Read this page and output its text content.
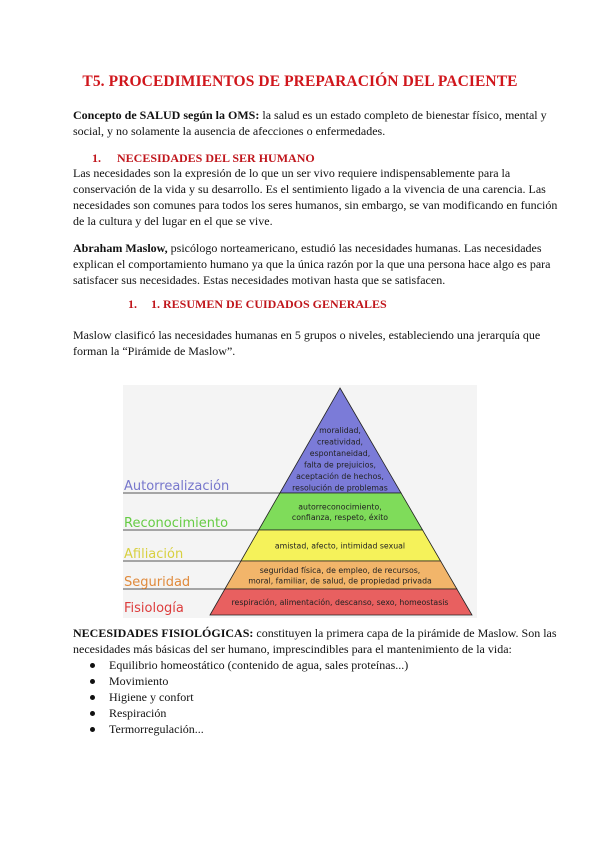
T5. PROCEDIMIENTOS DE PREPARACIÓN DEL PACIENTE
Concepto de SALUD según la OMS: la salud es un estado completo de bienestar físico, mental y
social, y no solamente la ausencia de afecciones o enfermedades.
1. NECESIDADES DEL SER HUMANO
Las necesidades son la expresión de lo que un ser vivo requiere indispensablemente para la
conservación de la vida y su desarrollo. Es el sentimiento ligado a la vivencia de una carencia. Las
necesidades son comunes para todos los seres humanos, sin embargo, se van modificando en función
de la cultura y del lugar en el que se vive.
Abraham Maslow, psicólogo norteamericano, estudió las necesidades humanas. Las necesidades
explican el comportamiento humano ya que la única razón por la que una persona hace algo es para
satisfacer sus necesidades. Estas necesidades motivan hasta que se satisfacen.
1. 1. RESUMEN DE CUIDADOS GENERALES
Maslow clasificó las necesidades humanas en 5 grupos o niveles, estableciendo una jerarquía que
forman la “Pirámide de Maslow”.
Autorrealización
moralidad,
creatividad,
espontaneidad,
falta de prejuicios,
aceptación de hechos,
resolución de problemas
Reconocimiento
autorreconocimiento,
confianza, respeto, éxito
Afiliación
amistad, afecto, intimidad sexual
Seguridad
seguridad física, de empleo, de recursos,
moral, familiar, de salud, de propiedad privada
Fisiología	respiración, alimentación, descanso, sexo, homeostasis
NECESIDADES FISIOLÓGICAS: constituyen la primera capa de la pirámide de Maslow. Son las
necesidades más básicas del ser humano, imprescindibles para el mantenimiento de la vida:
Equilibrio homeostático (contenido de agua, sales proteínas...)
Movimiento
Higiene y confort
Respiración
Termorregulación...
